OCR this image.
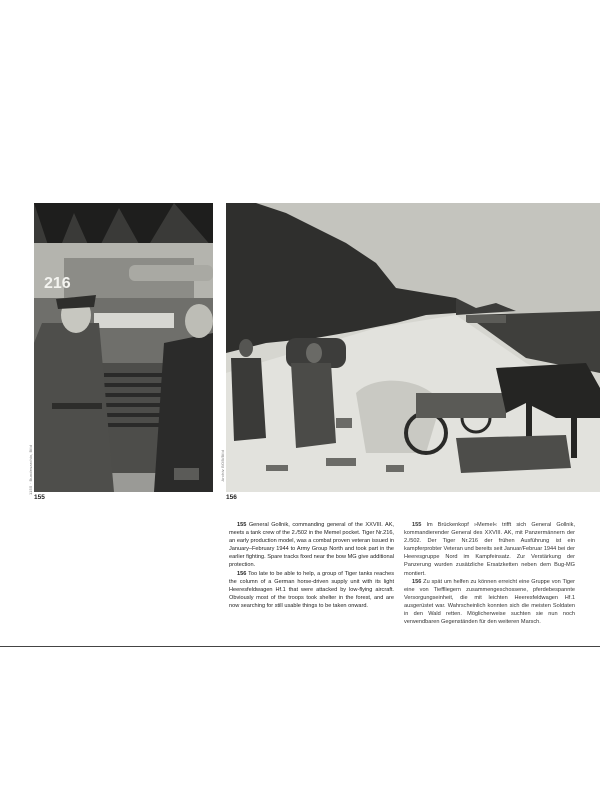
216
1155 · Bundesarchiv, Bild
155
Archiv BOB/Bild
156

155 General Gollnik, commanding general of the XXVIII. AK, meets a tank crew of the 2./502 in the Memel pocket. Tiger Nr.216, an early production model, was a combat proven veteran issued in January–February 1944 to Army Group North and took part in the earlier fighting. Spare tracks fixed near the bow MG give additional protection.

156 Too late to be able to help, a group of Tiger tanks reaches the column of a German horse-driven supply unit with its light Heeresfeldwagen Hf.1 that were attacked by low-flying aircraft. Obviously most of the troops took shelter in the forest, and are now searching for still usable things to be taken onward.

155 Im Brückenkopf »Memel« trifft sich General Gollnik, kommandierender General des XXVIII. AK, mit Panzermännern der 2./502. Der Tiger Nr.216 der frühen Ausführung ist ein kampferprobter Veteran und bereits seit Januar/Februar 1944 bei der Heeresgruppe Nord im Kampfeinsatz. Zur Verstärkung der Panzerung wurden zusätzliche Ersatzketten neben dem Bug-MG montiert.

156 Zu spät um helfen zu können erreicht eine Gruppe von Tiger eine von Tieffliegern zusammengeschossene, pferdebespannte Versorgungseinheit, die mit leichten Heeresfeldwagen Hf.1 ausgerüstet war. Wahrscheinlich konnten sich die meisten Soldaten in den Wald retten. Möglicherweise suchten sie nun noch verwendbaren Gegenständen für den weiteren Marsch.
